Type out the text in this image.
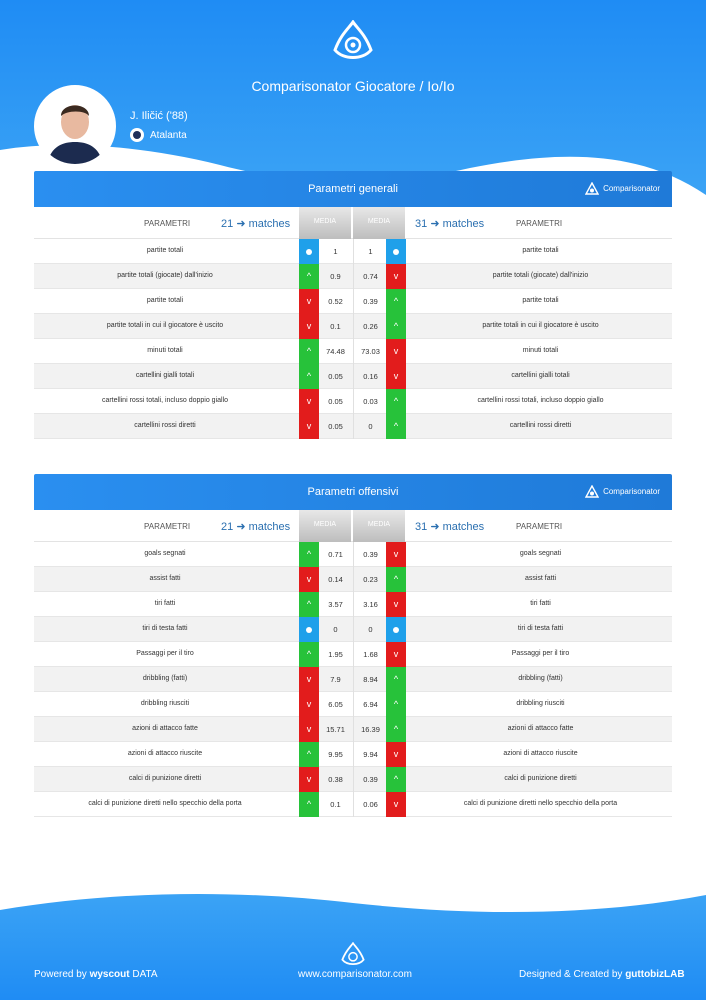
Comparisonator Giocatore / Io/Io
J. Iličić ('88)
Atalanta
Parametri generali	Comparisonator
PARAMETRI	21 ➜ matches	MEDIA	MEDIA	31 ➜ matches	PARAMETRI
partite totali	1	1	partite totali
partite totali (giocate) dall'inizio	^	0.9	0.74	v	partite totali (giocate) dall'inizio
partite totali	v	0.52	0.39	^	partite totali
partite totali in cui il giocatore è uscito	v	0.1	0.26	^	partite totali in cui il giocatore è uscito
minuti totali	^	74.48	73.03	v	minuti totali
cartellini gialli totali	^	0.05	0.16	v	cartellini gialli totali
cartellini rossi totali, incluso doppio giallo	v	0.05	0.03	^	cartellini rossi totali, incluso doppio giallo
cartellini rossi diretti	v	0.05	0	^	cartellini rossi diretti
Parametri offensivi	Comparisonator
PARAMETRI	21 ➜ matches	MEDIA	MEDIA	31 ➜ matches	PARAMETRI
goals segnati	^	0.71	0.39	v	goals segnati
assist fatti	v	0.14	0.23	^	assist fatti
tiri fatti	^	3.57	3.16	v	tiri fatti
tiri di testa fatti	0	0	tiri di testa fatti
Passaggi per il tiro	^	1.95	1.68	v	Passaggi per il tiro
dribbling (fatti)	v	7.9	8.94	^	dribbling (fatti)
dribbling riusciti	v	6.05	6.94	^	dribbling riusciti
azioni di attacco fatte	v	15.71	16.39	^	azioni di attacco fatte
azioni di attacco riuscite	^	9.95	9.94	v	azioni di attacco riuscite
calci di punizione diretti	v	0.38	0.39	^	calci di punizione diretti
calci di punizione diretti nello specchio della porta	^	0.1	0.06	v	calci di punizione diretti nello specchio della porta
Powered by wyscout DATA	www.comparisonator.com	Designed & Created by guttobizLAB
